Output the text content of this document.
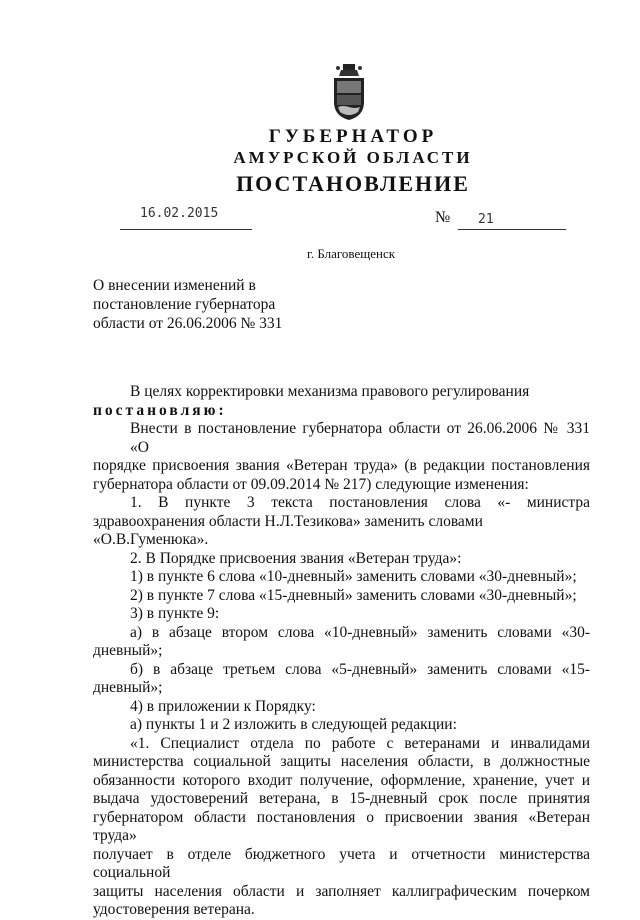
ГУБЕРНАТОР
АМУРСКОЙ ОБЛАСТИ
ПОСТАНОВЛЕНИЕ
16.02.2015	№ 21
г. Благовещенск
О внесении изменений в
постановление губернатора
области от 26.06.2006 № 331
В целях корректировки механизма правового регулирования
постановляю:
Внести в постановление губернатора области от 26.06.2006 № 331 «О
порядке присвоения звания «Ветеран труда» (в редакции постановления
губернатора области от 09.09.2014 № 217) следующие изменения:
1. В пункте 3 текста постановления слова «- министра
здравоохранения области Н.Л.Тезикова» заменить словами «О.В.Гуменюка».
2. В Порядке присвоения звания «Ветеран труда»:
1) в пункте 6 слова «10-дневный» заменить словами «30-дневный»;
2) в пункте 7 слова «15-дневный» заменить словами «30-дневный»;
3) в пункте 9:
а) в абзаце втором слова «10-дневный» заменить словами «30-
дневный»;
б) в абзаце третьем слова «5-дневный» заменить словами «15-
дневный»;
4) в приложении к Порядку:
а) пункты 1 и 2 изложить в следующей редакции:
«1. Специалист отдела по работе с ветеранами и инвалидами
министерства социальной защиты населения области, в должностные
обязанности которого входит получение, оформление, хранение, учет и
выдача удостоверений ветерана, в 15-дневный срок после принятия
губернатором области постановления о присвоении звания «Ветеран труда»
получает в отделе бюджетного учета и отчетности министерства социальной
защиты населения области и заполняет каллиграфическим почерком
удостоверения ветерана.
